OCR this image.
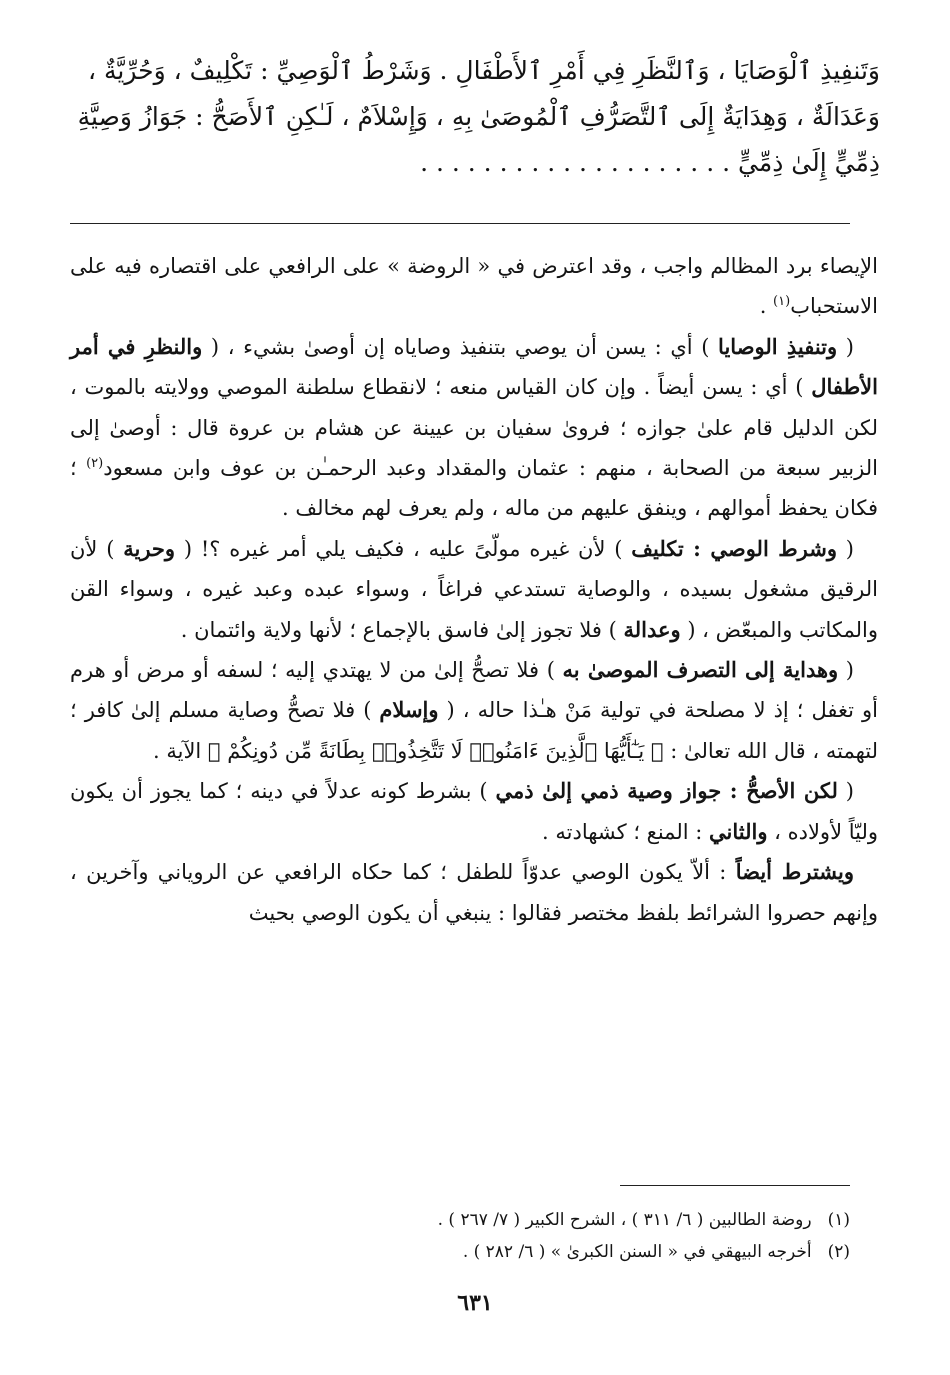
وَتَنفِيذِ ٱلْوَصَايَا ، وَٱلنَّظَرِ فِي أَمْرِ ٱلأَطْفَالِ . وَشَرْطُ ٱلْوَصِيِّ : تَكْلِيفٌ ، وَحُرِّيَّةٌ ،

وَعَدَالَةٌ ، وَهِدَايَةٌ إِلَى ٱلتَّصَرُّفِ ٱلْمُوصَىٰ بِهِ ، وَإِسْلاَمٌ ، لَـٰكِنِ ٱلأَصَحُّ : جَوَازُ وَصِيَّةِ

ذِمِّيٍّ إِلَىٰ ذِمِّيٍّ . . . . . . . . . . . . . . . . . . . .

الإيصاء برد المظالم واجب ، وقد اعترض في « الروضة » على الرافعي على اقتصاره فيه على الاستحباب$^{(١)}$ .

( وتنفيذِ الوصايا ) أي : يسن أن يوصي بتنفيذ وصاياه إن أوصىٰ بشيء ، ( والنظرِ في أمر الأطفال ) أي : يسن أيضاً . وإن كان القياس منعه ؛ لانقطاع سلطنة الموصي وولايته بالموت ، لكن الدليل قام علىٰ جوازه ؛ فروىٰ سفيان بن عيينة عن هشام بن عروة قال : أوصىٰ إلى الزبير سبعة من الصحابة ، منهم : عثمان والمقداد وعبد الرحمـٰن بن عوف وابن مسعود$^{(٢)}$ ؛ فكان يحفظ أموالهم ، وينفق عليهم من ماله ، ولم يعرف لهم مخالف .

( وشرط الوصي : تكليف ) لأن غيره مولّىً عليه ، فكيف يلي أمر غيره ؟! ( وحرية ) لأن الرقيق مشغول بسيده ، والوصاية تستدعي فراغاً ، وسواء عبده وعبد غيره ، وسواء القن والمكاتب والمبعّض ، ( وعدالة ) فلا تجوز إلىٰ فاسق بالإجماع ؛ لأنها ولاية وائتمان .

( وهداية إلى التصرف الموصىٰ به ) فلا تصحُّ إلىٰ من لا يهتدي إليه ؛ لسفه أو مرض أو هرم أو تغفل ؛ إذ لا مصلحة في تولية مَنْ هـٰذا حاله ، ( وإسلام ) فلا تصحُّ وصاية مسلم إلىٰ كافر ؛ لتهمته ، قال الله تعالىٰ : ﴿ يَـٰٓأَيُّهَا ٱلَّذِينَ ءَامَنُوا۟ لَا تَتَّخِذُوا۟ بِطَانَةً مِّن دُونِكُمْ ﴾ الآية .

( لكن الأصحُّ : جواز وصية ذمي إلىٰ ذمي ) بشرط كونه عدلاً في دينه ؛ كما يجوز أن يكون وليّاً لأولاده ، والثاني : المنع ؛ كشهادته .

ويشترط أيضاً : ألاّ يكون الوصي عدوّاً للطفل ؛ كما حكاه الرافعي عن الروياني وآخرين ، وإنهم حصروا الشرائط بلفظ مختصر فقالوا : ينبغي أن يكون الوصي بحيث

(١)روضة الطالبين ( ٦/ ٣١١ ) ، الشرح الكبير ( ٧/ ٢٦٧ ) .

(٢)أخرجه البيهقي في « السنن الكبرىٰ » ( ٦/ ٢٨٢ ) .

٦٣١
